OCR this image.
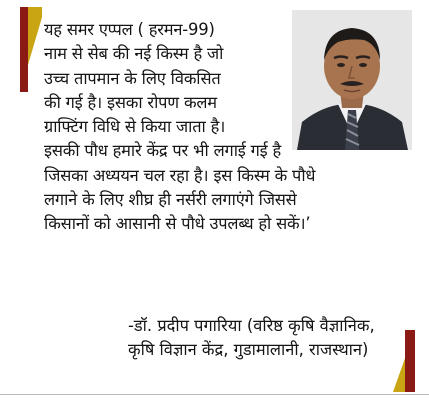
यह समर एप्पल ( हरमन-99)
नाम से सेब की नई किस्म है जो
उच्च तापमान के लिए विकसित
की गई है। इसका रोपण कलम
ग्राफ्टिंग विधि से किया जाता है।
इसकी पौध हमारे केंद्र पर भी लगाई गई है
जिसका अध्ययन चल रहा है। इस किस्म के पौधे
लगाने के लिए शीघ्र ही नर्सरी लगाएंगे जिससे
किसानों को आसानी से पौधे उपलब्ध हो सकें।’
-डॉ. प्रदीप पगारिया (वरिष्ठ कृषि वैज्ञानिक,
कृषि विज्ञान केंद्र, गुडामालानी, राजस्थान)
